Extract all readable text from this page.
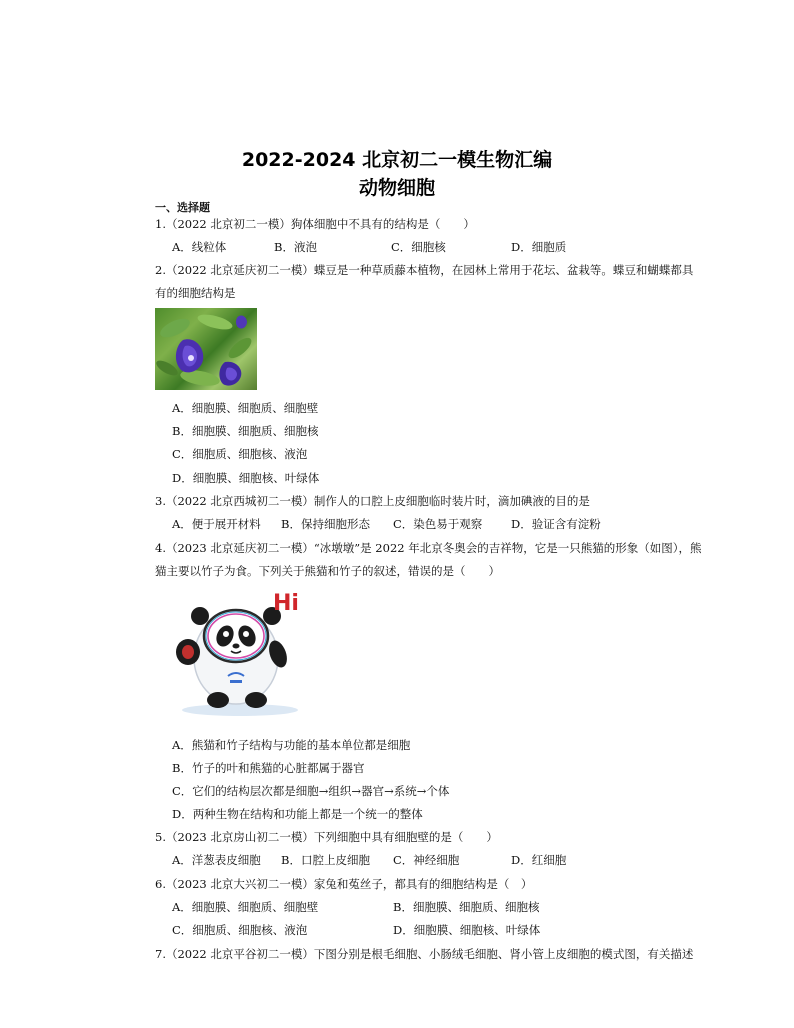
2022-2024 北京初二一模生物汇编
动物细胞
一、选择题
1.（2022 北京初二一模）狗体细胞中不具有的结构是（　　）
A．线粒体	B．液泡	C．细胞核	D．细胞质
2.（2022 北京延庆初二一模）蝶豆是一种草质藤本植物，在园林上常用于花坛、盆栽等。蝶豆和蝴蝶都具
有的细胞结构是
A．细胞膜、细胞质、细胞壁
B．细胞膜、细胞质、细胞核
C．细胞质、细胞核、液泡
D．细胞膜、细胞核、叶绿体
3.（2022 北京西城初二一模）制作人的口腔上皮细胞临时装片时，滴加碘液的目的是
A．便于展开材料 B．保持细胞形态 C．染色易于观察 D．验证含有淀粉
4.（2023 北京延庆初二一模）“冰墩墩”是 2022 年北京冬奥会的吉祥物，它是一只熊猫的形象（如图），熊
猫主要以竹子为食。下列关于熊猫和竹子的叙述，错误的是（　　）
Hi
A．熊猫和竹子结构与功能的基本单位都是细胞
B．竹子的叶和熊猫的心脏都属于器官
C．它们的结构层次都是细胞→组织→器官→系统→个体
D．两种生物在结构和功能上都是一个统一的整体
5.（2023 北京房山初二一模）下列细胞中具有细胞壁的是（　　）
A．洋葱表皮细胞 B．口腔上皮细胞 C．神经细胞	D．红细胞
6.（2023 北京大兴初二一模）家兔和菟丝子，都具有的细胞结构是（　）
A．细胞膜、细胞质、细胞壁	B．细胞膜、细胞质、细胞核
C．细胞质、细胞核、液泡	D．细胞膜、细胞核、叶绿体
7.（2022 北京平谷初二一模）下图分别是根毛细胞、小肠绒毛细胞、肾小管上皮细胞的模式图，有关描述
